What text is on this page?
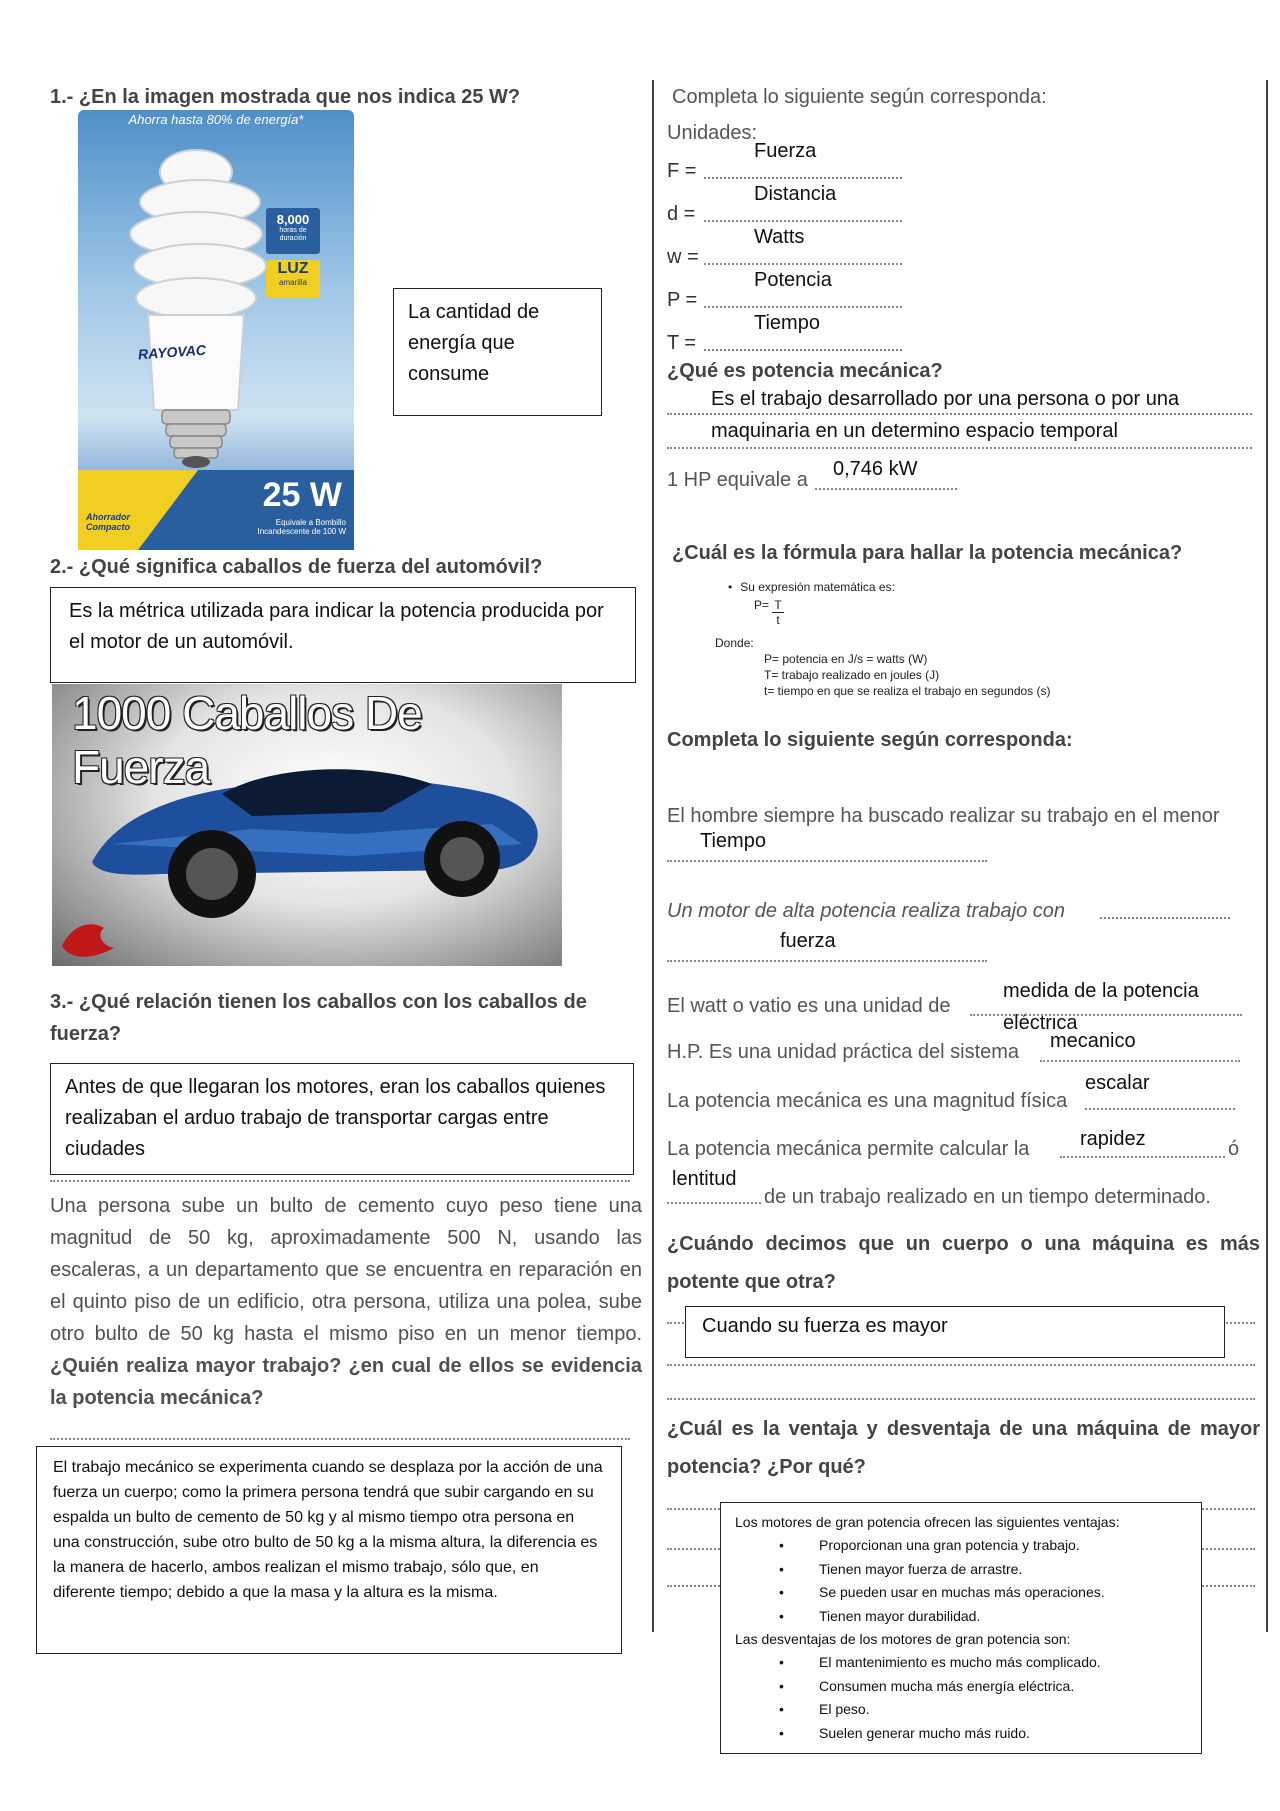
1.- ¿En la imagen mostrada que nos indica 25 W?
Ahorra hasta 80% de energía*
8,000
horas de duración
LUZ
amarilla
RAYOVAC
25 W
Equivale a Bombillo Incandescente de 100 W
Ahorrador Compacto
La cantidad de energía que consume
2.- ¿Qué significa caballos de fuerza del automóvil?
Es la métrica utilizada para indicar la potencia producida por el motor de un automóvil.
1000 Caballos De Fuerza
3.- ¿Qué relación tienen los caballos con los caballos de fuerza?
Antes de que llegaran los motores, eran los caballos quienes realizaban el arduo trabajo de transportar cargas entre ciudades
Una persona sube un bulto de cemento cuyo peso tiene una magnitud de 50 kg, aproximadamente 500 N, usando las escaleras, a un departamento que se encuentra en reparación en el quinto piso de un edificio, otra persona, utiliza una polea, sube otro bulto de 50 kg hasta el mismo piso en un menor tiempo. ¿Quién realiza mayor trabajo? ¿en cual de ellos se evidencia la potencia mecánica?
El trabajo mecánico se experimenta cuando se desplaza por la acción de una fuerza un cuerpo; como la primera persona tendrá que subir cargando en su espalda un bulto de cemento de 50 kg y al mismo tiempo otra persona en una construcción, sube otro bulto de 50 kg a la misma altura, la diferencia es la manera de hacerlo, ambos realizan el mismo trabajo, sólo que, en diferente tiempo; debido a que la masa y la altura es la misma.
Completa lo siguiente según corresponda:
Unidades:
Fuerza
F =
Distancia
d =
Watts
w =
Potencia
P =
Tiempo
T =
¿Qué es potencia mecánica?
Es el trabajo desarrollado por una persona o por una
maquinaria en un determino espacio temporal
1 HP equivale a 0,746 kW
¿Cuál es la fórmula para hallar la potencia mecánica?
• Su expresión matemática es:
$P= \frac{T}{t}$
Donde:
P= potencia en J/s = watts (W)
T= trabajo realizado en joules (J)
t= tiempo en que se realiza el trabajo en segundos (s)
Completa lo siguiente según corresponda:
El hombre siempre ha buscado realizar su trabajo en el menor
Tiempo
Un motor de alta potencia realiza trabajo con
fuerza
medida de la potencia eléctrica
El watt o vatio es una unidad de
H.P. Es una unidad práctica del sistema mecanico
escalar
La potencia mecánica es una magnitud física
La potencia mecánica permite calcular la	rapidez	ó
lentitud
de un trabajo realizado en un tiempo determinado.
¿Cuándo decimos que un cuerpo o una máquina es más potente que otra?
Cuando su fuerza es mayor
¿Cuál es la ventaja y desventaja de una máquina de mayor potencia? ¿Por qué?
Los motores de gran potencia ofrecen las siguientes ventajas:
• Proporcionan una gran potencia y trabajo.
• Tienen mayor fuerza de arrastre.
• Se pueden usar en muchas más operaciones.
• Tienen mayor durabilidad.
Las desventajas de los motores de gran potencia son:
• El mantenimiento es mucho más complicado.
• Consumen mucha más energía eléctrica.
• El peso.
• Suelen generar mucho más ruido.
